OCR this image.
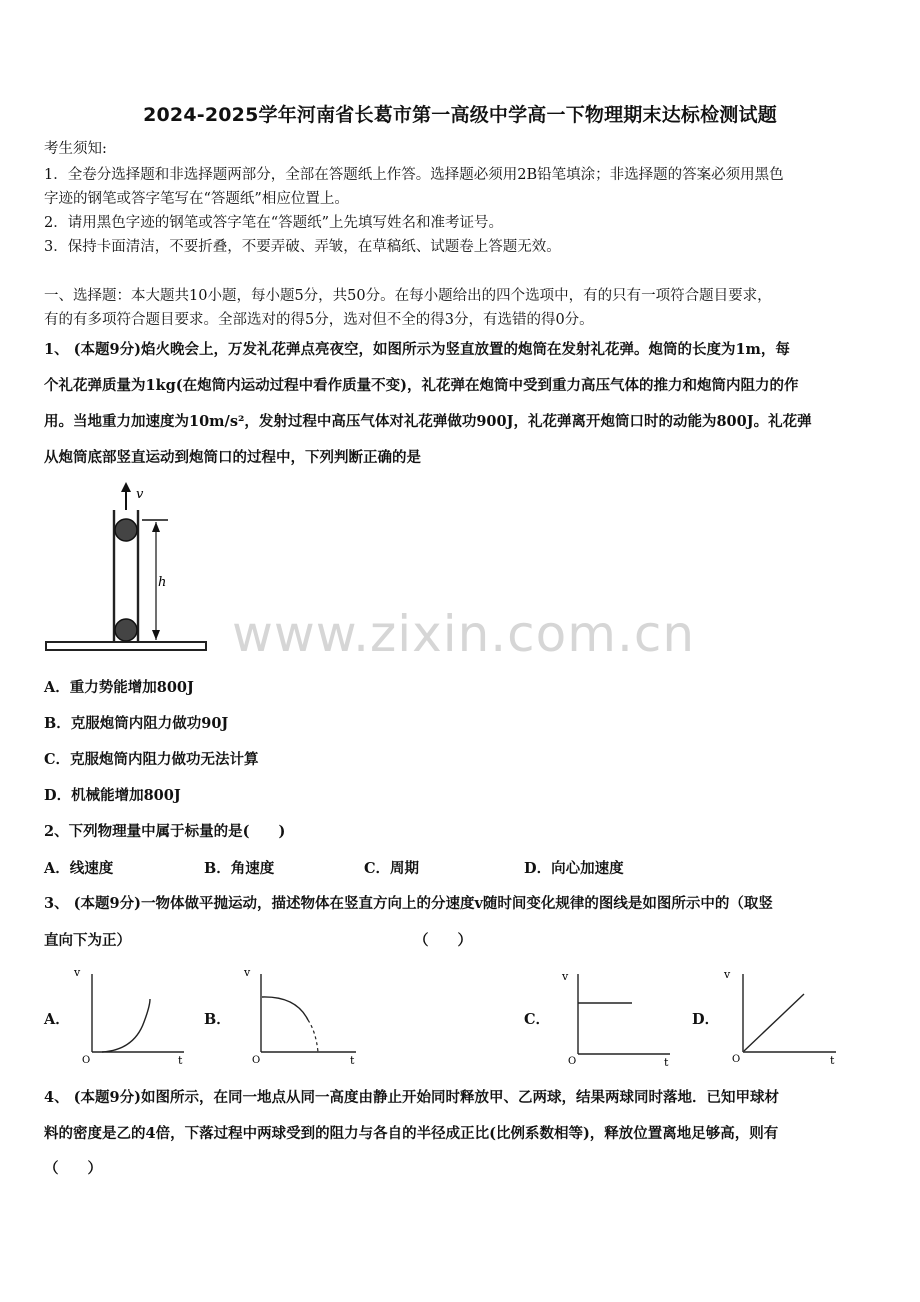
2024-2025学年河南省长葛市第一高级中学高一下物理期末达标检测试题
考生须知:
1．全卷分选择题和非选择题两部分，全部在答题纸上作答。选择题必须用2B铅笔填涂；非选择题的答案必须用黑色
字迹的钢笔或答字笔写在“答题纸”相应位置上。
2．请用黑色字迹的钢笔或答字笔在“答题纸”上先填写姓名和准考证号。
3．保持卡面清洁，不要折叠，不要弄破、弄皱，在草稿纸、试题卷上答题无效。
一、选择题：本大题共10小题，每小题5分，共50分。在每小题给出的四个选项中，有的只有一项符合题目要求，
有的有多项符合题目要求。全部选对的得5分，选对但不全的得3分，有选错的得0分。
1、 (本题9分)焰火晚会上，万发礼花弹点亮夜空，如图所示为竖直放置的炮筒在发射礼花弹。炮筒的长度为1m，每
个礼花弹质量为1kg(在炮筒内运动过程中看作质量不变)，礼花弹在炮筒中受到重力高压气体的推力和炮筒内阻力的作
用。当地重力加速度为10m/s²，发射过程中高压气体对礼花弹做功900J，礼花弹离开炮筒口时的动能为800J。礼花弹
从炮筒底部竖直运动到炮筒口的过程中，下列判断正确的是
v
h
www.zixin.com.cn
A．重力势能增加800J
B．克服炮筒内阻力做功90J
C．克服炮筒内阻力做功无法计算
D．机械能增加800J
2、下列物理量中属于标量的是(　　)
A．线速度	B．角速度	C．周期	D．向心加速度
3、 (本题9分)一物体做平抛运动，描述物体在竖直方向上的分速度v随时间变化规律的图线是如图所示中的（取竖
直向下为正）	（　　）
A．
v
t
O
B．
v
t
O
C．
v
t
O
D．
v
t
O
4、 (本题9分)如图所示，在同一地点从同一高度由静止开始同时释放甲、乙两球，结果两球同时落地．已知甲球材
料的密度是乙的4倍，下落过程中两球受到的阻力与各自的半径成正比(比例系数相等)，释放位置离地足够高，则有
（　　）
